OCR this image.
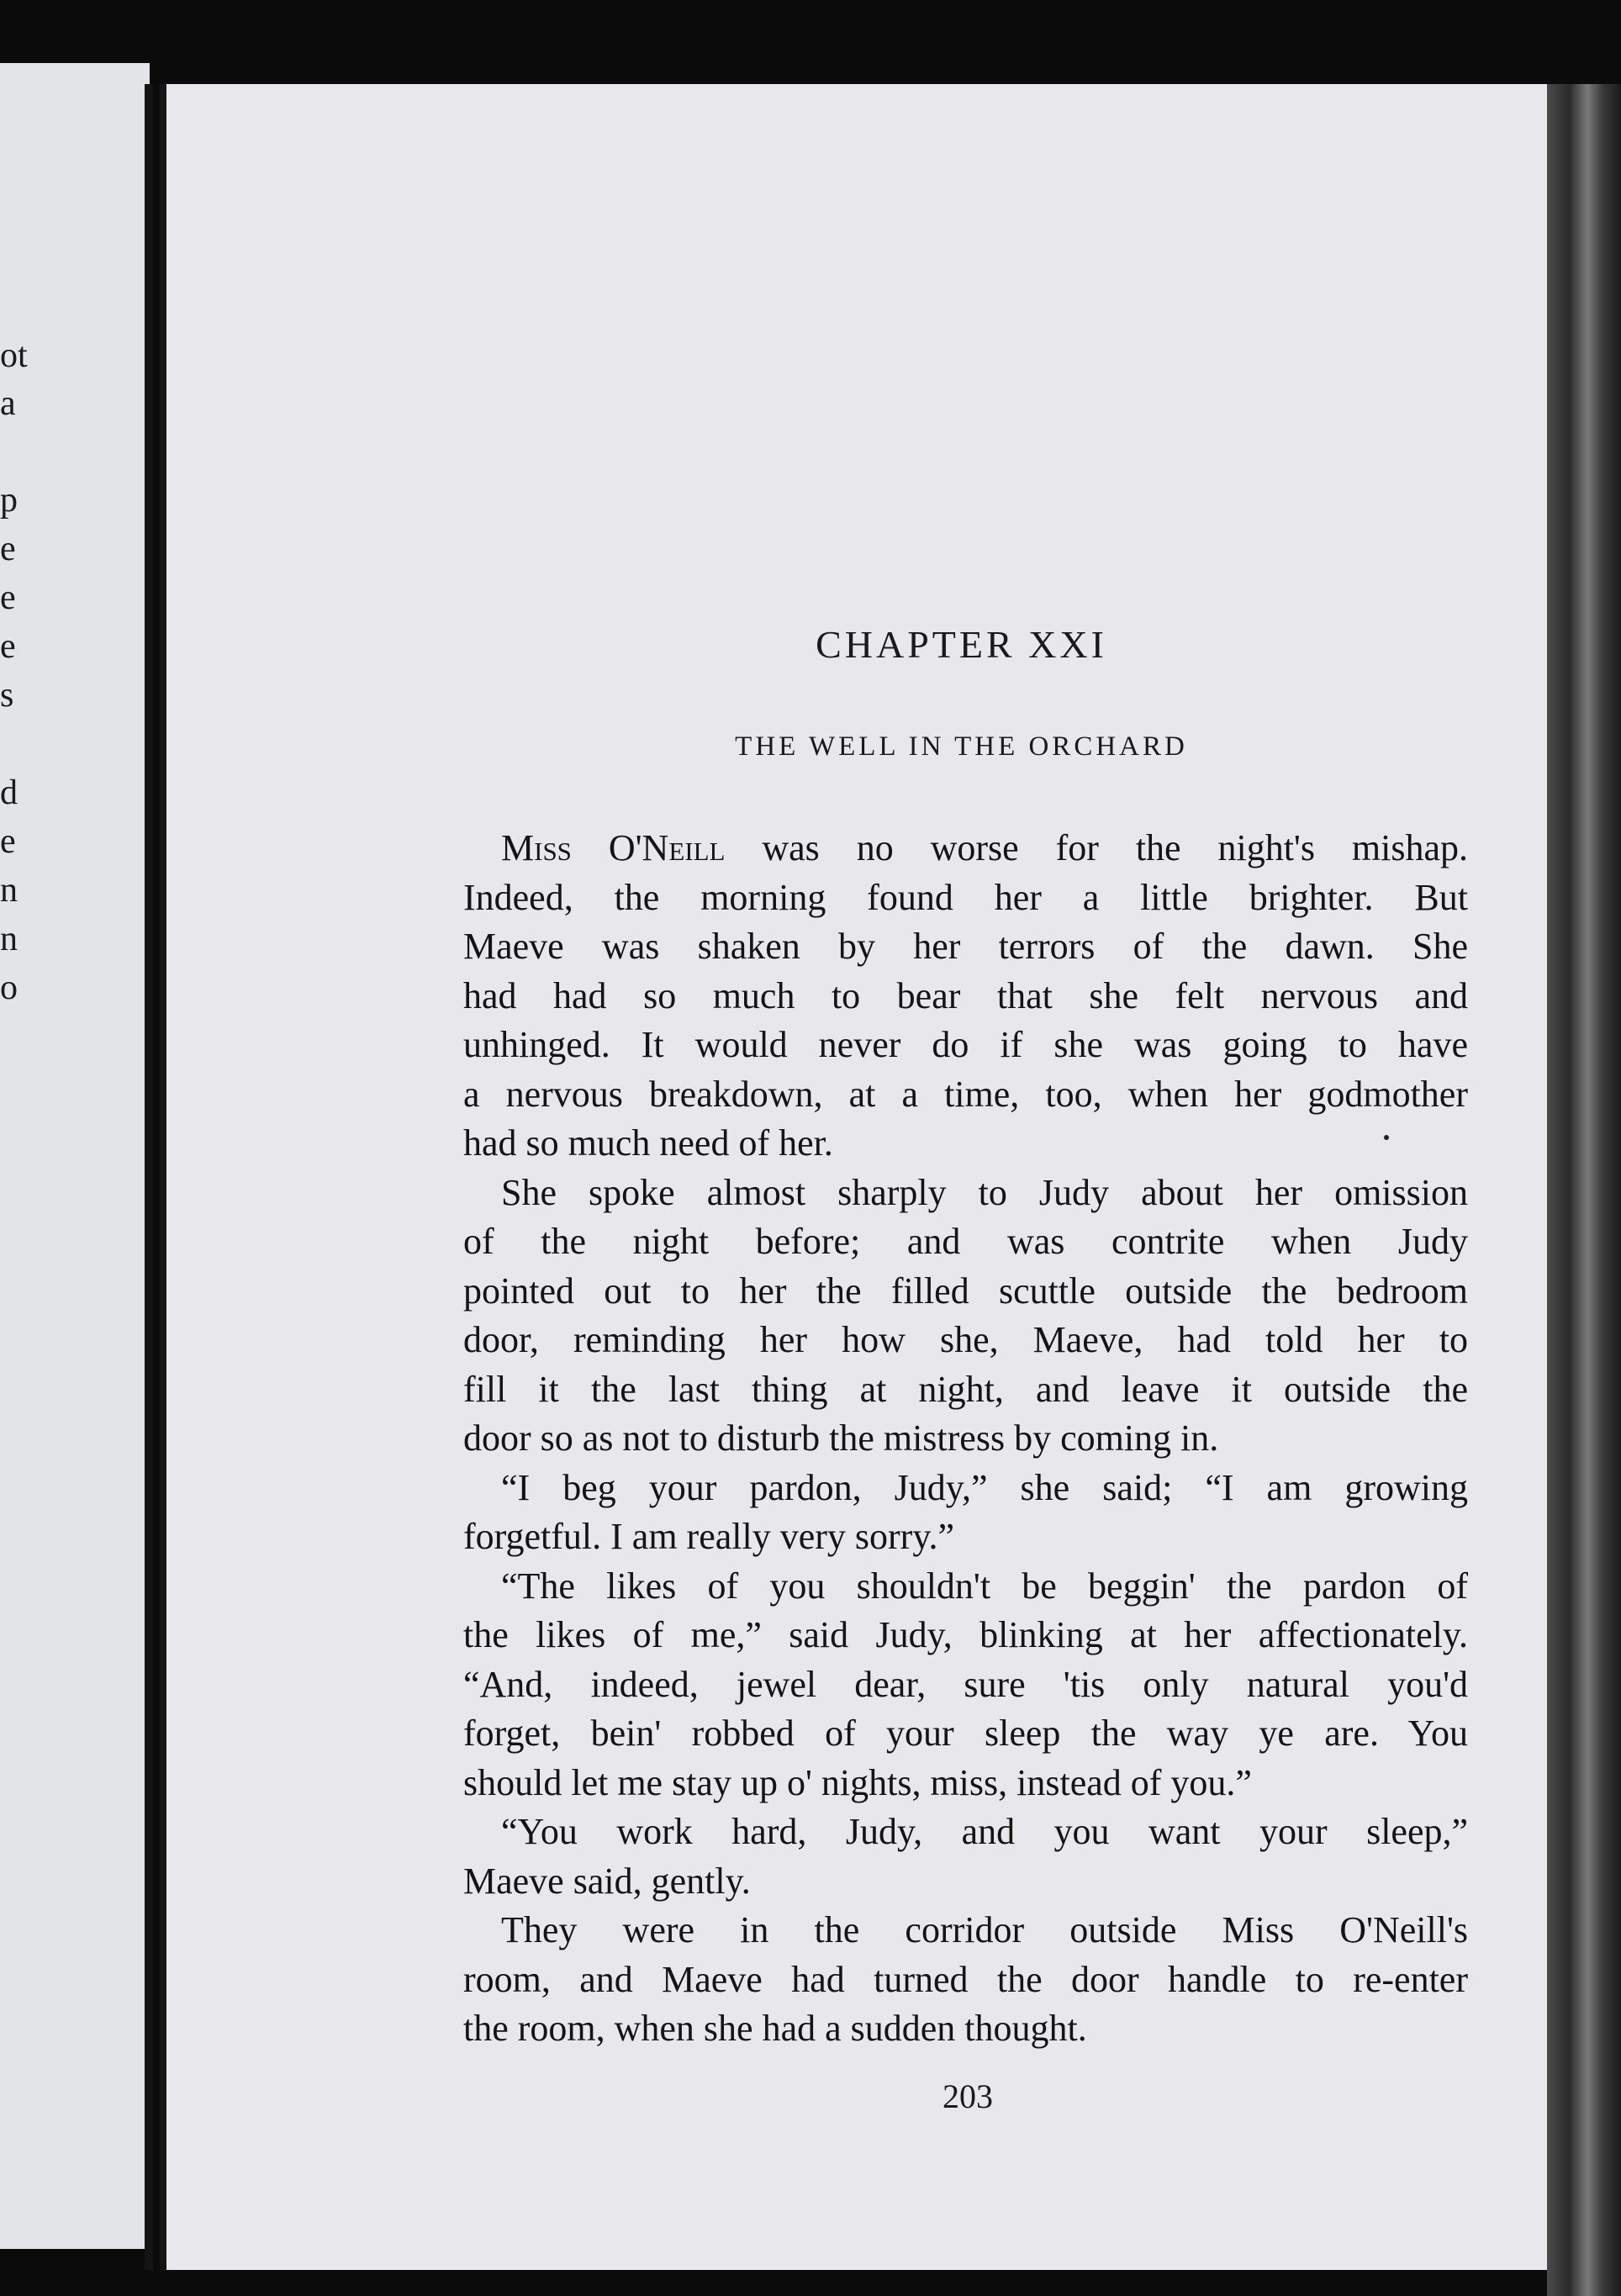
ot
a
p
e
e
e
s
d
e
n
n
o
CHAPTER XXI
THE WELL IN THE ORCHARD
Miss O'Neill was no worse for the night's mishap.
Indeed, the morning found her a little brighter. But
Maeve was shaken by her terrors of the dawn. She
had had so much to bear that she felt nervous and
unhinged. It would never do if she was going to have
a nervous breakdown, at a time, too, when her godmother
had so much need of her.
She spoke almost sharply to Judy about her omission
of the night before; and was contrite when Judy
pointed out to her the filled scuttle outside the bedroom
door, reminding her how she, Maeve, had told her to
fill it the last thing at night, and leave it outside the
door so as not to disturb the mistress by coming in.
“I beg your pardon, Judy,” she said; “I am growing
forgetful. I am really very sorry.”
“The likes of you shouldn't be beggin' the pardon of
the likes of me,” said Judy, blinking at her affectionately.
“And, indeed, jewel dear, sure 'tis only natural you'd
forget, bein' robbed of your sleep the way ye are. You
should let me stay up o' nights, miss, instead of you.”
“You work hard, Judy, and you want your sleep,”
Maeve said, gently.
They were in the corridor outside Miss O'Neill's
room, and Maeve had turned the door handle to re-enter
the room, when she had a sudden thought.
203
